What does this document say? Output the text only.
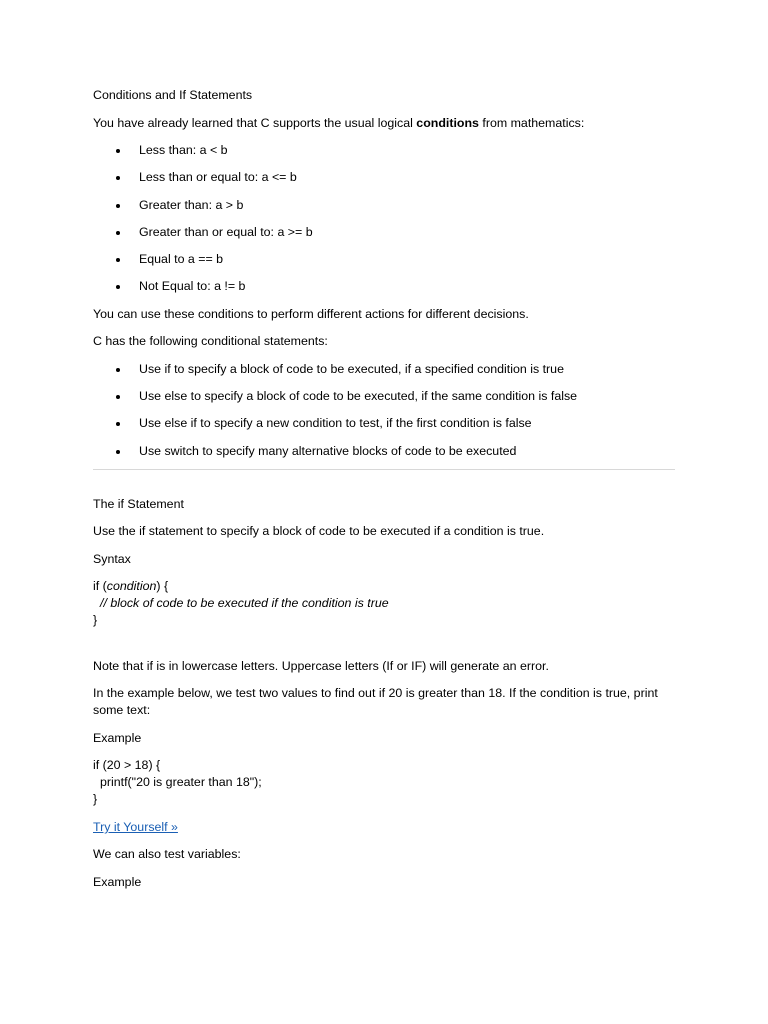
Conditions and If Statements

You have already learned that C supports the usual logical conditions from mathematics:

Less than: a < b
Less than or equal to: a <= b
Greater than: a > b
Greater than or equal to: a >= b
Equal to a == b
Not Equal to: a != b

You can use these conditions to perform different actions for different decisions.

C has the following conditional statements:

Use if to specify a block of code to be executed, if a specified condition is true
Use else to specify a block of code to be executed, if the same condition is false
Use else if to specify a new condition to test, if the first condition is false
Use switch to specify many alternative blocks of code to be executed

The if Statement

Use the if statement to specify a block of code to be executed if a condition is true.

Syntax

if (condition) {

// block of code to be executed if the condition is true

}

Note that if is in lowercase letters. Uppercase letters (If or IF) will generate an error.

In the example below, we test two values to find out if 20 is greater than 18. If the condition is true, print some text:

Example

if (20 > 18) {

printf("20 is greater than 18");

}

Try it Yourself »

We can also test variables:

Example
